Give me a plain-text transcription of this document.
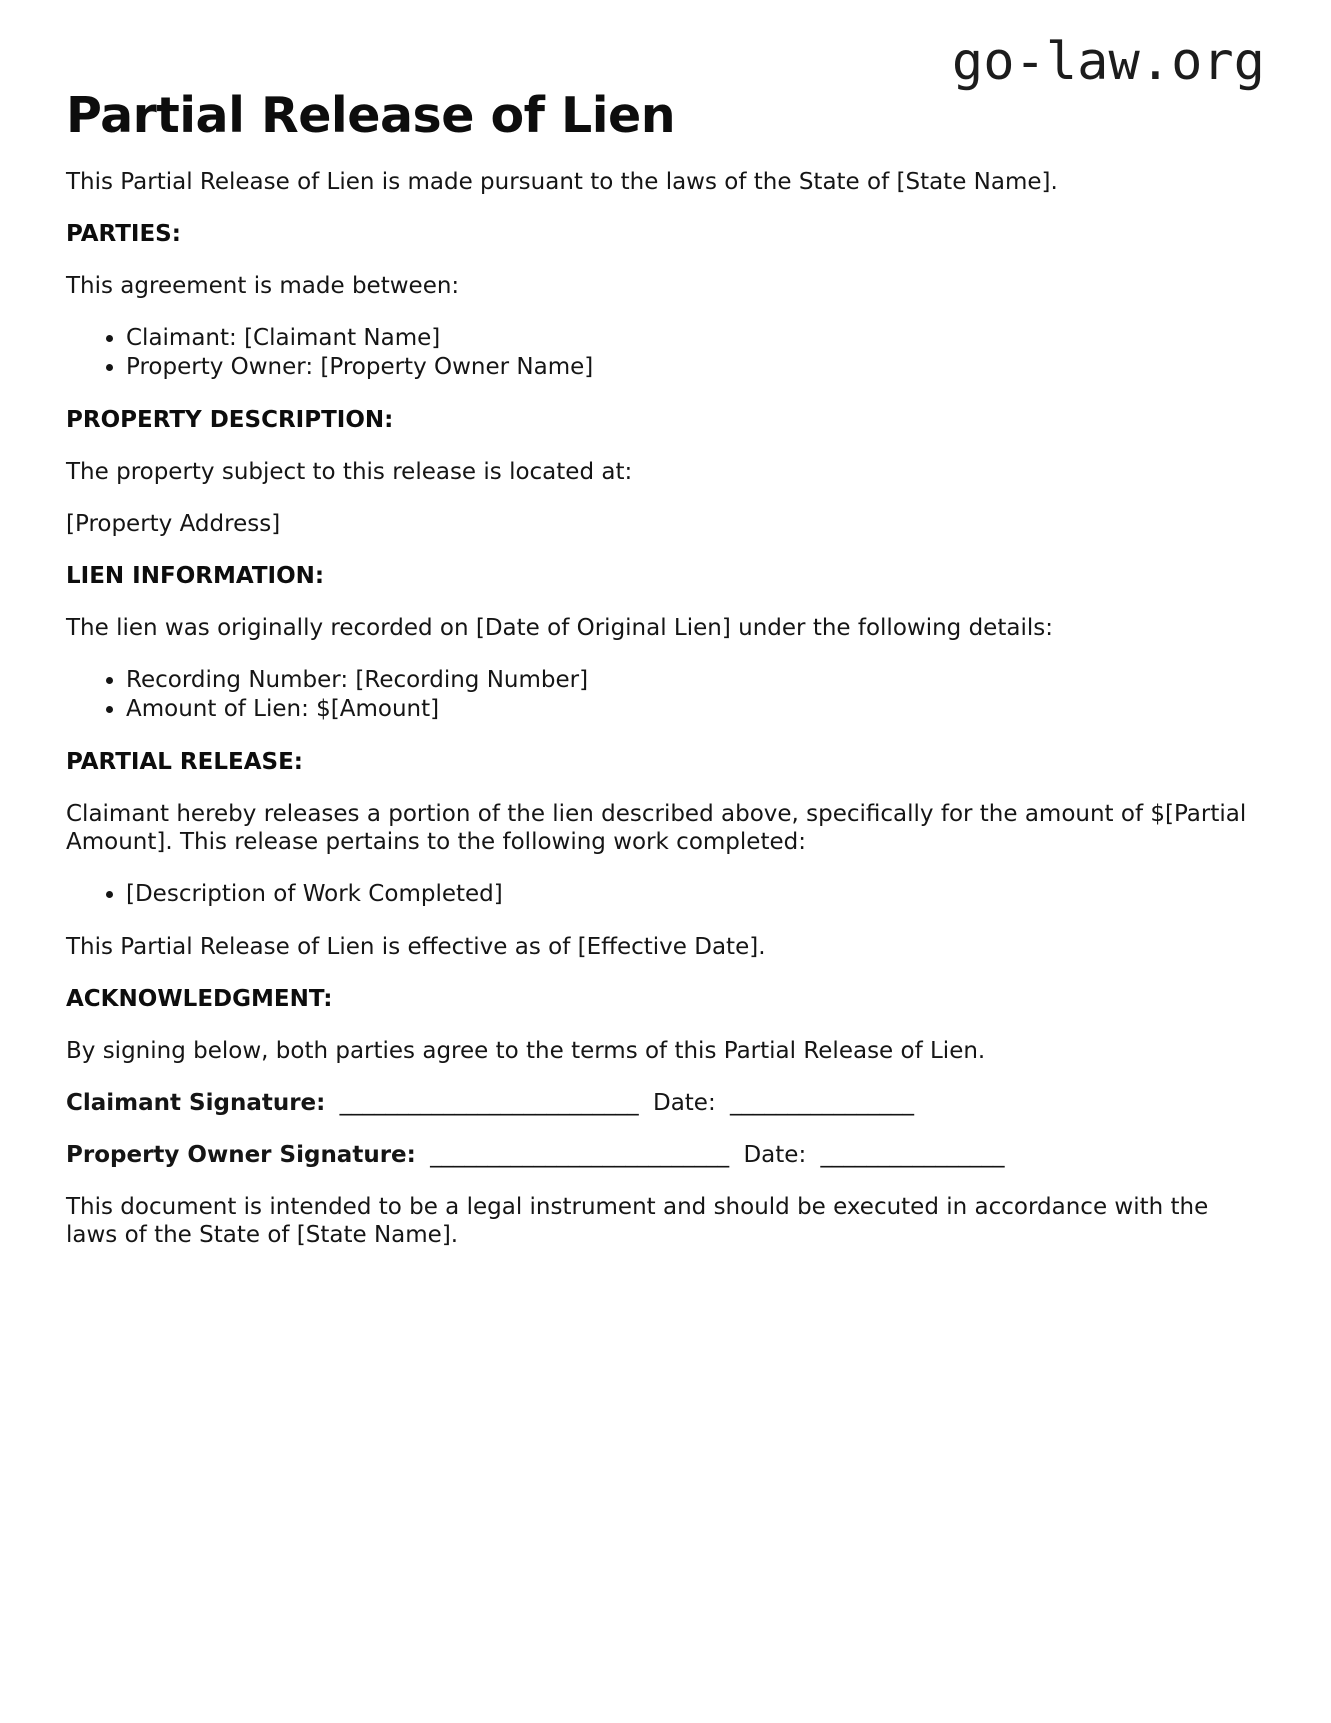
go-law.org
Partial Release of Lien

This Partial Release of Lien is made pursuant to the laws of the State of [State Name].

PARTIES:

This agreement is made between:

• Claimant: [Claimant Name]
• Property Owner: [Property Owner Name]
PROPERTY DESCRIPTION:

The property subject to this release is located at:

[Property Address]

LIEN INFORMATION:

The lien was originally recorded on [Date of Original Lien] under the following details:

• Recording Number: [Recording Number]
• Amount of Lien: $[Amount]
PARTIAL RELEASE:

Claimant hereby releases a portion of the lien described above, specifically for the amount of $[Partial Amount]. This release pertains to the following work completed:

• [Description of Work Completed]

This Partial Release of Lien is effective as of [Effective Date].

ACKNOWLEDGMENT:

By signing below, both parties agree to the terms of this Partial Release of Lien.

Claimant Signature: __________________________ Date: ________________

Property Owner Signature: __________________________ Date: ________________

This document is intended to be a legal instrument and should be executed in accordance with the laws of the State of [State Name].
